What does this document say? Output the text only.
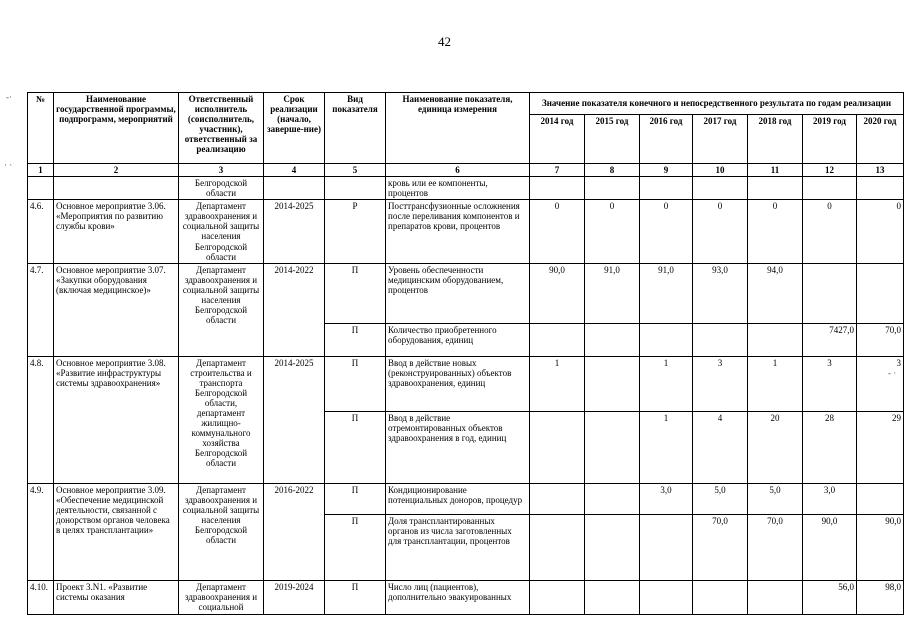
42
-·
· ·
- ·
№	Наименование государственной программы, подпрограмм, мероприятий	Ответственный исполнитель (соисполнитель, участник), ответственный за реализацию	Срок реализации (начало, заверше-ние)	Вид показателя	Наименование показателя, единица измерения	Значение показателя конечного и непосредственного результата по годам реализации						
						2014 год	2015 год	2016 год	2017 год	2018 год	2019 год	2020 год
1	2	3	4	5	6	7	8	9	10	11	12	13
		Белгородской области			кровь или ее компоненты, процентов							
4.6.	Основное мероприятие 3.06. «Мероприятия по развитию службы крови»	Департамент здравоохранения и социальной защиты населения Белгородской области	2014-2025	Р	Посттрансфузионные осложнения после переливания компонентов и препаратов крови, процентов	0	0	0	0	0	0	0
4.7.	Основное мероприятие 3.07. «Закупки оборудования (включая медицинское)»	Департамент здравоохранения и социальной защиты населения Белгородской области	2014-2022	П	Уровень обеспеченности медицинским оборудованием, процентов	90,0	91,0	91,0	93,0	94,0		
				П	Количество приобретенного оборудования, единиц						7427,0	70,0
4.8.	Основное мероприятие 3.08. «Развитие инфраструктуры системы здравоохранения»	Департамент строительства и транспорта Белгородской области, департамент жилищно-коммунального хозяйства Белгородской области	2014-2025	П	Ввод в действие новых (реконструированных) объектов здравоохранения, единиц	1		1	3	1	3	3
				П	Ввод в действие отремонтированных объектов здравоохранения в год, единиц			1	4	20	28	29
4.9.	Основное мероприятие 3.09. «Обеспечение медицинской деятельности, связанной с донорством органов человека в целях трансплантации»	Департамент здравоохранения и социальной защиты населения Белгородской области	2016-2022	П	Кондиционирование потенциальных доноров, процедур			3,0	5,0	5,0	3,0	
				П	Доля трансплантированных органов из числа заготовленных для трансплантации, процентов				70,0	70,0	90,0	90,0
4.10.	Проект 3.N1. «Развитие системы оказания	Департамент здравоохранения и социальной	2019-2024	П	Число лиц (пациентов), дополнительно эвакуированных						56,0	98,0
